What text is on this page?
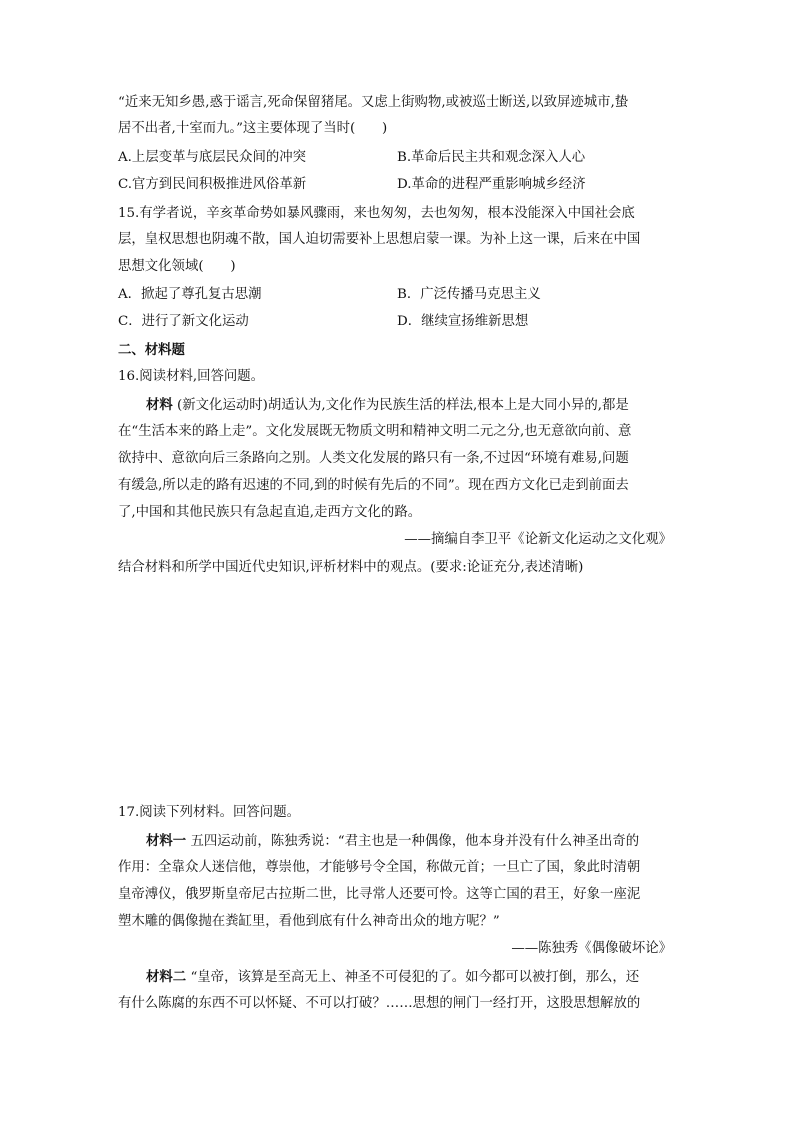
“近来无知乡愚,惑于谣言,死命保留猪尾。又虑上街购物,或被巡士断送,以致屏迹城市,蛰
居不出者,十室而九。”这主要体现了当时(　　)
A.上层变革与底层民众间的冲突	B.革命后民主共和观念深入人心
C.官方到民间积极推进风俗革新	D.革命的进程严重影响城乡经济
15.有学者说，辛亥革命势如暴风骤雨，来也匆匆，去也匆匆，根本没能深入中国社会底
层，皇权思想也阴魂不散，国人迫切需要补上思想启蒙一课。为补上这一课，后来在中国
思想文化领域(　　)
A．掀起了尊孔复古思潮	B．广泛传播马克思主义
C．进行了新文化运动	D．继续宣扬维新思想
二、材料题
16.阅读材料,回答问题。
材料 (新文化运动时)胡适认为,文化作为民族生活的样法,根本上是大同小异的,都是
在“生活本来的路上走”。文化发展既无物质文明和精神文明二元之分,也无意欲向前、意
欲持中、意欲向后三条路向之别。人类文化发展的路只有一条,不过因“环境有难易,问题
有缓急,所以走的路有迟速的不同,到的时候有先后的不同”。现在西方文化已走到前面去
了,中国和其他民族只有急起直追,走西方文化的路。
——摘编自李卫平《论新文化运动之文化观》
结合材料和所学中国近代史知识,评析材料中的观点。(要求:论证充分,表述清晰)
17.阅读下列材料。回答问题。
材料一 五四运动前，陈独秀说：“君主也是一种偶像，他本身并没有什么神圣出奇的
作用：全靠众人迷信他，尊崇他，才能够号令全国，称做元首；一旦亡了国，象此时清朝
皇帝溥仪，俄罗斯皇帝尼古拉斯二世，比寻常人还要可怜。这等亡国的君王，好象一座泥
塑木雕的偶像抛在粪缸里，看他到底有什么神奇出众的地方呢？”
——陈独秀《偶像破坏论》
材料二 “皇帝，该算是至高无上、神圣不可侵犯的了。如今都可以被打倒，那么，还
有什么陈腐的东西不可以怀疑、不可以打破？……思想的闸门一经打开，这股思想解放的
